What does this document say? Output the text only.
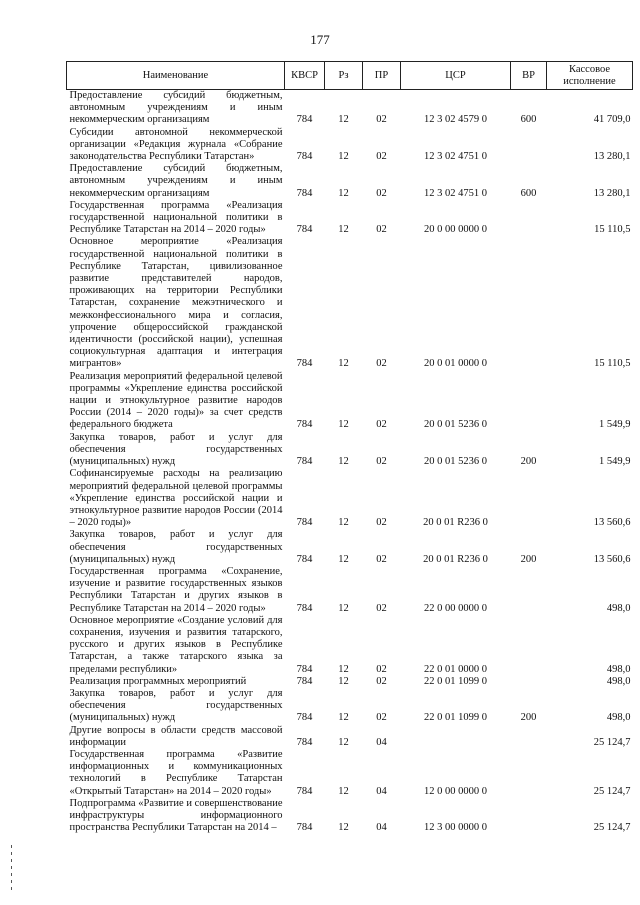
177
Наименование	КВСР	Рз	ПР	ЦСР	ВР	Кассовое исполнение
Предоставление субсидий бюджетным, автономным учреждениям и иным некоммерческим организациям	784	12	02	12 3 02 4579 0	600	41 709,0
Субсидии автономной некоммерческой организации «Редакция журнала «Собрание законодательства Республики Татарстан»	784	12	02	12 3 02 4751 0		13 280,1
Предоставление субсидий бюджетным, автономным учреждениям и иным некоммерческим организациям	784	12	02	12 3 02 4751 0	600	13 280,1
Государственная программа «Реализация государственной национальной политики в Республике Татарстан на 2014 – 2020 годы»	784	12	02	20 0 00 0000 0		15 110,5
Основное мероприятие «Реализация государственной национальной политики в Республике Татарстан, цивилизованное развитие представителей народов, проживающих на территории Республики Татарстан, сохранение межэтнического и межконфессионального мира и согласия, упрочение общероссийской гражданской идентичности (российской нации), успешная социокультурная адаптация и интеграция мигрантов»	784	12	02	20 0 01 0000 0		15 110,5
Реализация мероприятий федеральной целевой программы «Укрепление единства российской нации и этнокультурное развитие народов России (2014 – 2020 годы)» за счет средств федерального бюджета	784	12	02	20 0 01 5236 0		1 549,9
Закупка товаров, работ и услуг для обеспечения государственных (муниципальных) нужд	784	12	02	20 0 01 5236 0	200	1 549,9
Софинансируемые расходы на реализацию мероприятий федеральной целевой программы «Укрепление единства российской нации и этнокультурное развитие народов России (2014 – 2020 годы)»	784	12	02	20 0 01 R236 0		13 560,6
Закупка товаров, работ и услуг для обеспечения государственных (муниципальных) нужд	784	12	02	20 0 01 R236 0	200	13 560,6
Государственная программа «Сохранение, изучение и развитие государственных языков Республики Татарстан и других языков в Республике Татарстан на 2014 – 2020 годы»	784	12	02	22 0 00 0000 0		498,0
Основное мероприятие «Создание условий для сохранения, изучения и развития татарского, русского и других языков в Республике Татарстан, а также татарского языка за пределами республики»	784	12	02	22 0 01 0000 0		498,0
Реализация программных мероприятий	784	12	02	22 0 01 1099 0		498,0
Закупка товаров, работ и услуг для обеспечения государственных (муниципальных) нужд	784	12	02	22 0 01 1099 0	200	498,0
Другие вопросы в области средств массовой информации	784	12	04			25 124,7
Государственная программа «Развитие информационных и коммуникационных технологий в Республике Татарстан «Открытый Татарстан» на 2014 – 2020 годы»	784	12	04	12 0 00 0000 0		25 124,7
Подпрограмма «Развитие и совершенствование инфраструктуры информационного пространства Республики Татарстан на 2014 –	784	12	04	12 3 00 0000 0		25 124,7
